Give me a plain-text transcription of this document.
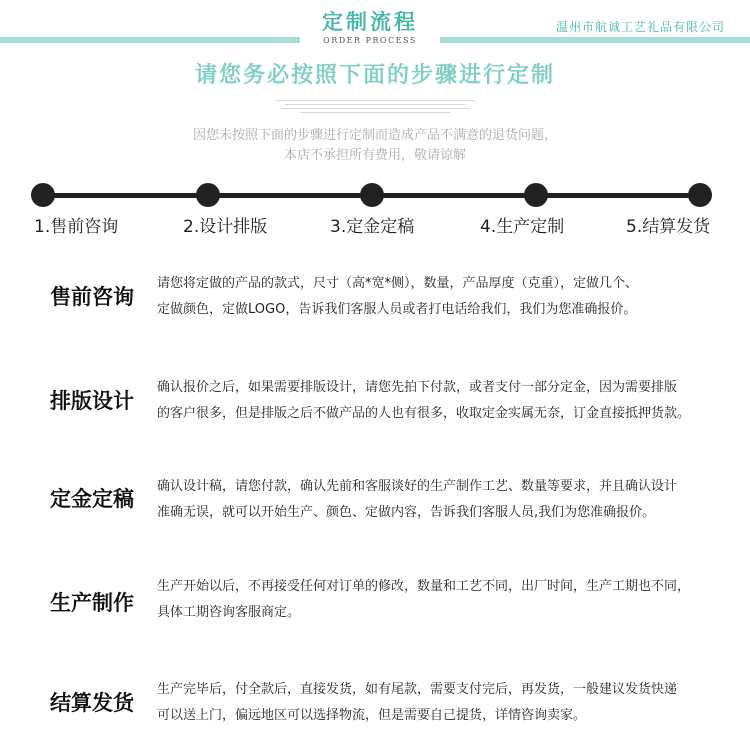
定制流程
ORDER PROCESS
温州市航诚工艺礼品有限公司
请您务必按照下面的步骤进行定制
因您未按照下面的步骤进行定制而造成产品不满意的退货问题，
本店不承担所有费用，敬请谅解
1.售前咨询	2.设计排版	3.定金定稿	4.生产定制	5.结算发货
售前咨询
请您将定做的产品的款式，尺寸（高*宽*侧），数量，产品厚度（克重），定做几个、
定做颜色，定做LOGO，告诉我们客服人员或者打电话给我们，我们为您准确报价。
排版设计
确认报价之后，如果需要排版设计，请您先拍下付款，或者支付一部分定金，因为需要排版
的客户很多，但是排版之后不做产品的人也有很多，收取定金实属无奈，订金直接抵押货款。
定金定稿
确认设计稿，请您付款，确认先前和客服谈好的生产制作工艺、数量等要求，并且确认设计
准确无误，就可以开始生产、颜色、定做内容，告诉我们客服人员,我们为您准确报价。
生产制作
生产开始以后，不再接受任何对订单的修改，数量和工艺不同，出厂时间，生产工期也不同，
具体工期咨询客服商定。
结算发货
生产完毕后，付全款后，直接发货，如有尾款，需要支付完后，再发货，一般建议发货快递
可以送上门，偏远地区可以选择物流，但是需要自己提货，详情咨询卖家。
